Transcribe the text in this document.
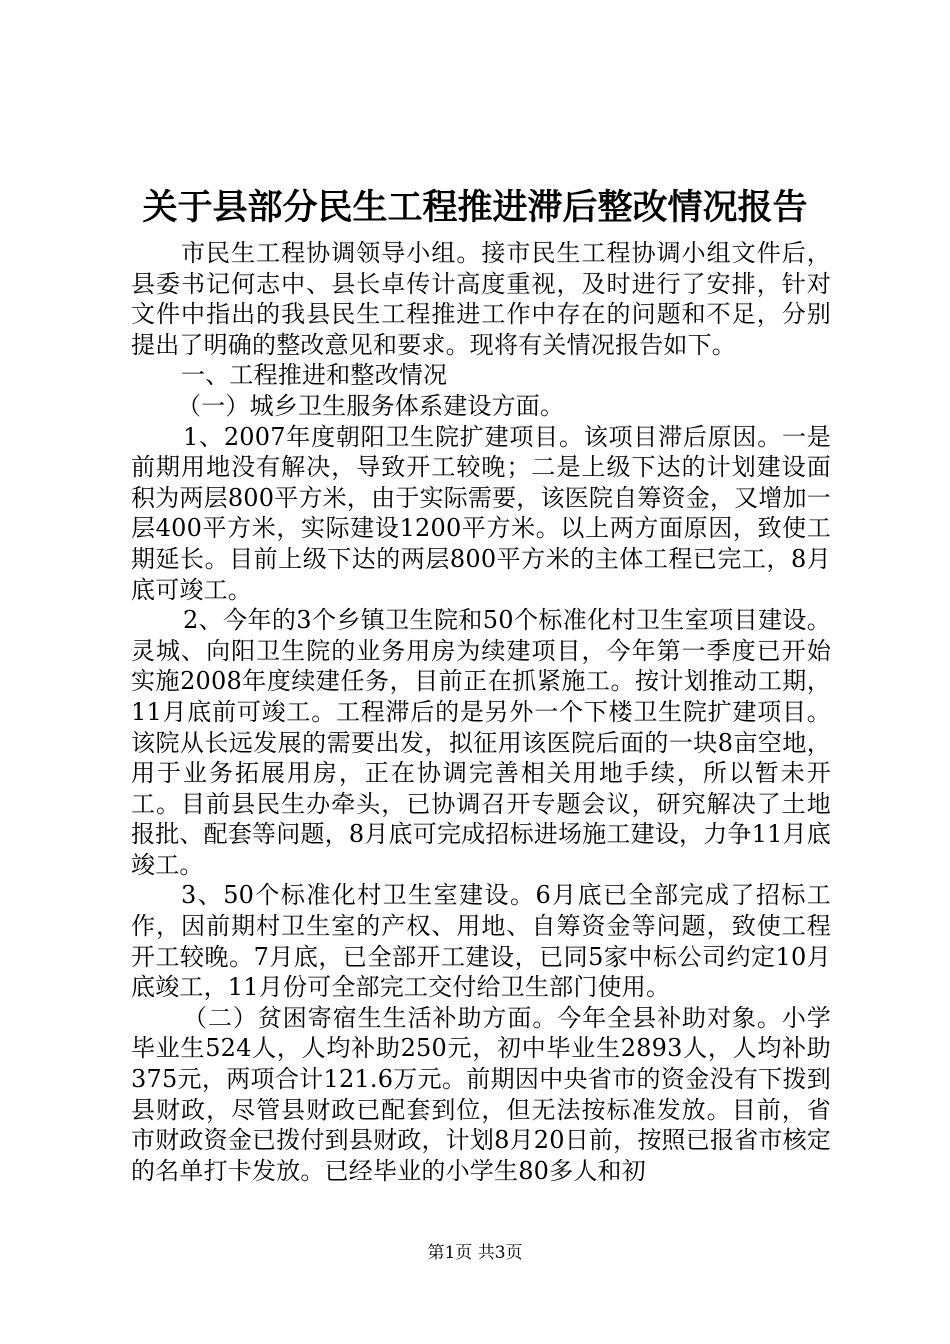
关于县部分民生工程推进滞后整改情况报告

市民生工程协调领导小组。接市民生工程协调小组文件后，县委书记何志中、县长卓传计高度重视，及时进行了安排，针对文件中指出的我县民生工程推进工作中存在的问题和不足，分别提出了明确的整改意见和要求。现将有关情况报告如下。

一、工程推进和整改情况

（一）城乡卫生服务体系建设方面。

1、2007年度朝阳卫生院扩建项目。该项目滞后原因。一是前期用地没有解决，导致开工较晚；二是上级下达的计划建设面积为两层800平方米，由于实际需要，该医院自筹资金，又增加一层400平方米，实际建设1200平方米。以上两方面原因，致使工期延长。目前上级下达的两层800平方米的主体工程已完工，8月底可竣工。

2、今年的3个乡镇卫生院和50个标准化村卫生室项目建设。灵城、向阳卫生院的业务用房为续建项目，今年第一季度已开始实施2008年度续建任务，目前正在抓紧施工。按计划推动工期，11月底前可竣工。工程滞后的是另外一个下楼卫生院扩建项目。该院从长远发展的需要出发，拟征用该医院后面的一块8亩空地，用于业务拓展用房，正在协调完善相关用地手续，所以暂未开工。目前县民生办牵头，已协调召开专题会议，研究解决了土地报批、配套等问题，8月底可完成招标进场施工建设，力争11月底竣工。

3、50个标准化村卫生室建设。6月底已全部完成了招标工作，因前期村卫生室的产权、用地、自筹资金等问题，致使工程开工较晚。7月底，已全部开工建设，已同5家中标公司约定10月底竣工，11月份可全部完工交付给卫生部门使用。

（二）贫困寄宿生生活补助方面。今年全县补助对象。小学毕业生524人，人均补助250元，初中毕业生2893人，人均补助375元，两项合计121.6万元。前期因中央省市的资金没有下拨到县财政，尽管县财政已配套到位，但无法按标准发放。目前，省市财政资金已拨付到县财政，计划8月20日前，按照已报省市核定的名单打卡发放。已经毕业的小学生80多人和初

第1页 共3页
